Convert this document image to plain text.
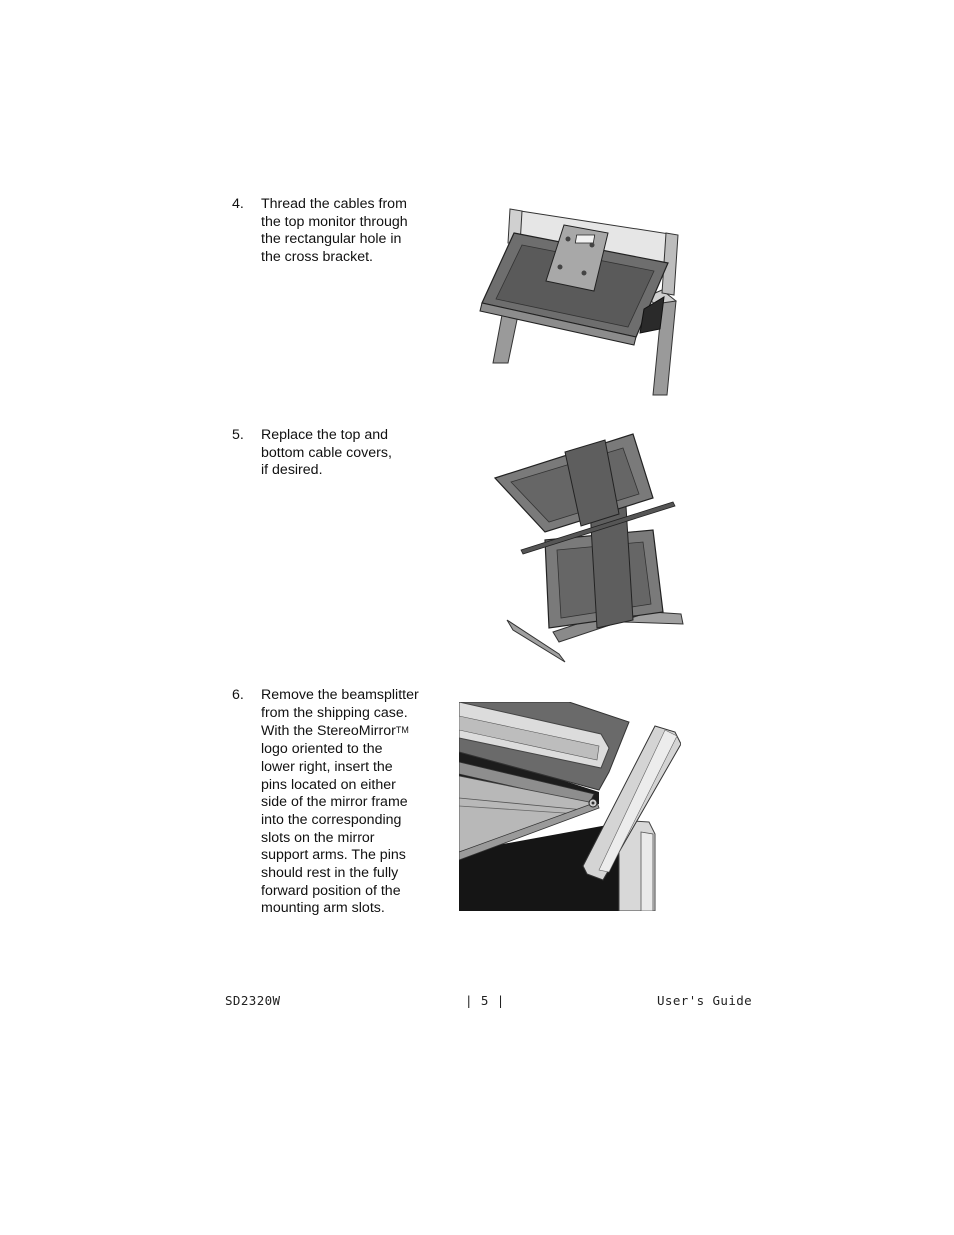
4. Thread the cables from
the top monitor through
the rectangular hole in
the cross bracket.
5. Replace the top and
bottom cable covers,
if desired.
6. Remove the beamsplitter
from the shipping case.
With the StereoMirrorTM
logo oriented to the
lower right, insert the
pins located on either
side of the mirror frame
into the corresponding
slots on the mirror
support arms. The pins
should rest in the fully
forward position of the
mounting arm slots.
SD2320W	| 5 |	User's Guide
